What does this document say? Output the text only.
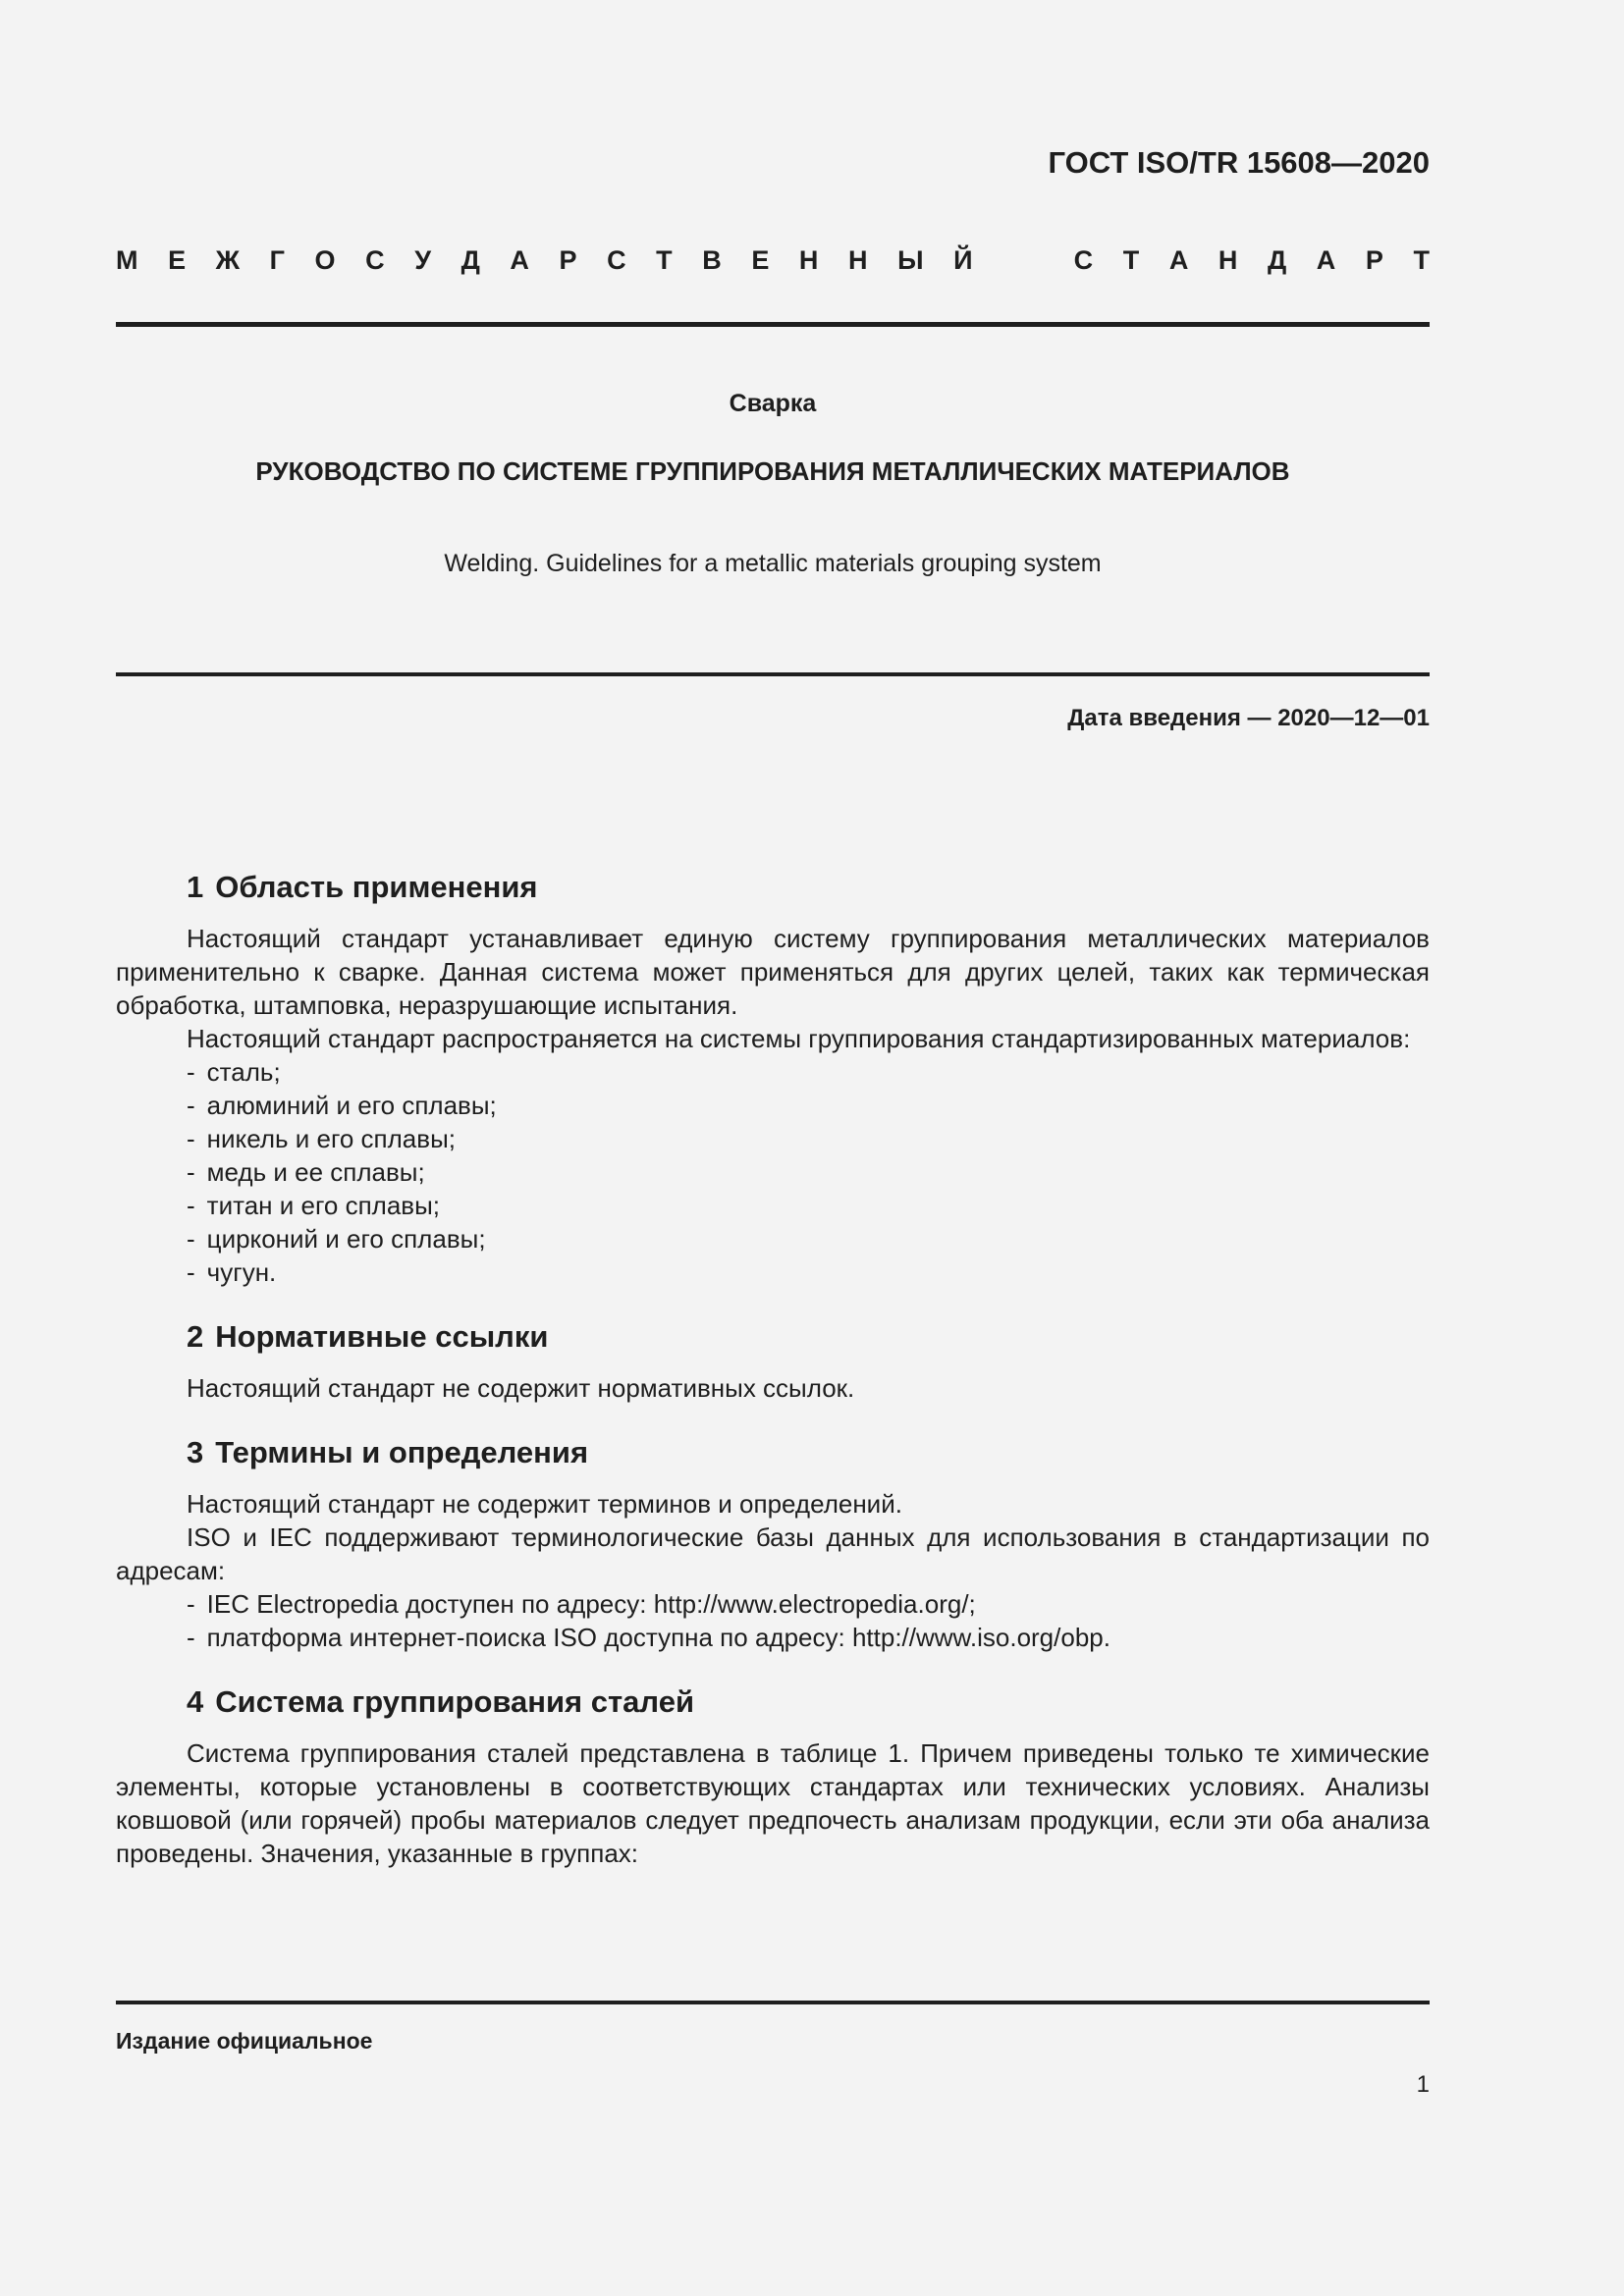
ГОСТ ISO/TR 15608—2020
М Е Ж Г О С У Д А Р С Т В Е Н Н Ы Й	С Т А Н Д А Р Т
Сварка
РУКОВОДСТВО ПО СИСТЕМЕ ГРУППИРОВАНИЯ МЕТАЛЛИЧЕСКИХ МАТЕРИАЛОВ
Welding. Guidelines for a metallic materials grouping system
Дата введения — 2020—12—01
1 Область применения

Настоящий стандарт устанавливает единую систему группирования металлических материалов применительно к сварке. Данная система может применяться для других целей, таких как термическая обработка, штамповка, неразрушающие испытания.

Настоящий стандарт распространяется на системы группирования стандартизированных материалов:

- сталь;
- алюминий и его сплавы;
- никель и его сплавы;
- медь и ее сплавы;
- титан и его сплавы;
- цирконий и его сплавы;
- чугун.
2 Нормативные ссылки

Настоящий стандарт не содержит нормативных ссылок.

3 Термины и определения

Настоящий стандарт не содержит терминов и определений.

ISO и IEC поддерживают терминологические базы данных для использования в стандартизации по адресам:

- IEC Electropedia доступен по адресу: http://www.electropedia.org/;
- платформа интернет-поиска ISO доступна по адресу: http://www.iso.org/obp.
4 Система группирования сталей

Система группирования сталей представлена в таблице 1. Причем приведены только те химические элементы, которые установлены в соответствующих стандартах или технических условиях. Анализы ковшовой (или горячей) пробы материалов следует предпочесть анализам продукции, если эти оба анализа проведены. Значения, указанные в группах:

Издание официальное
1
